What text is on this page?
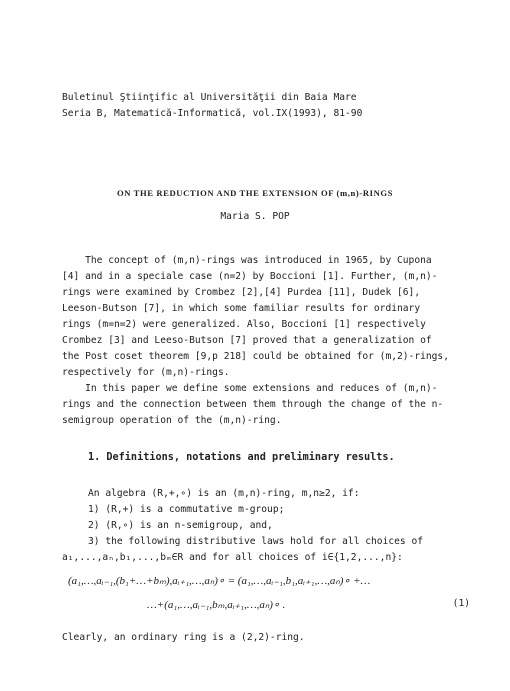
Buletinul Ştiinţific al Universităţii din Baia Mare
Seria B, Matematică-Informatică, vol.IX(1993), 81-90
ON THE REDUCTION AND THE EXTENSION OF (m,n)-RINGS
Maria S. POP
The concept of (m,n)-rings was introduced in 1965, by Cupona
[4] and in a speciale case (n=2) by Boccioni [1]. Further, (m,n)-
rings were examined by Crombez [2],[4] Purdea [11], Dudek [6],
Leeson-Butson [7], in which some familiar results for ordinary
rings (m=n=2) were generalized. Also, Boccioni [1] respectively
Crombez [3] and Leeso-Butson [7] proved that a generalization of
the Post coset theorem [9,p 218] could be obtained for (m,2)-rings,
respectively for (m,n)-rings.
In this paper we define some extensions and reduces of (m,n)-
rings and the connection between them through the change of the n-
semigroup operation of the (m,n)-ring.
1. Definitions, notations and preliminary results.
An algebra (R,+,∘) is an (m,n)-ring, m,n≥2, if:
1) (R,+) is a commutative m-group;
2) (R,∘) is an n-semigroup, and,
3) the following distributive laws hold for all choices of
a₁,...,aₙ,b₁,...,bₘ∈R and for all choices of i∈{1,2,...,n}:
(a₁,…,aᵢ₋₁,(b₁+…+bₘ),aᵢ₊₁,…,aₙ)∘ = (a₁,…,aᵢ₋₁,b₁,aᵢ₊₁,…,aₙ)∘ +…
…+(a₁,…,aᵢ₋₁,bₘ,aᵢ₊₁,…,aₙ)∘ .	(1)
Clearly, an ordinary ring is a (2,2)-ring.
